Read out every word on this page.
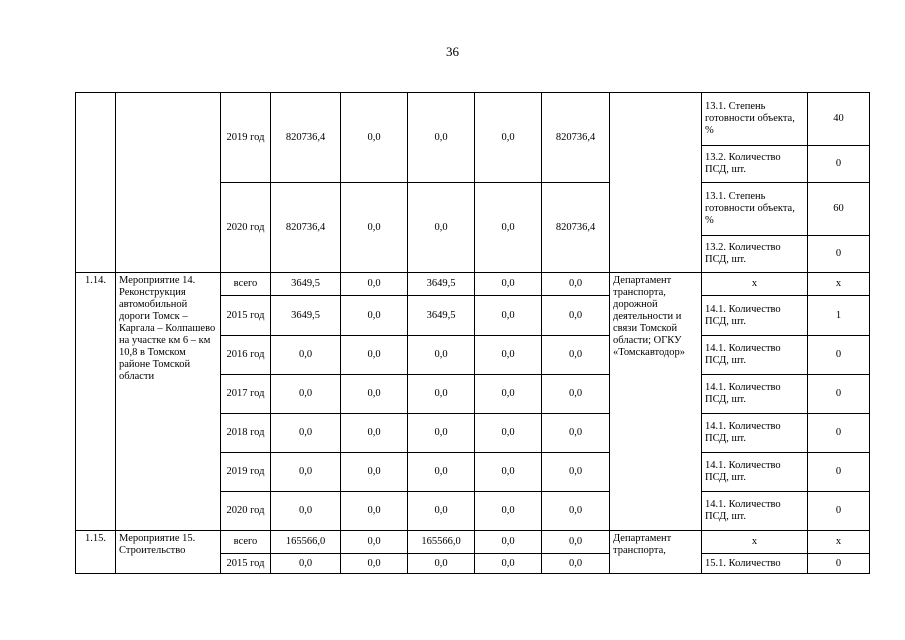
36
		2019 год	820736,4	0,0	0,0	0,0	820736,4		13.1. Степень готовности объекта, %	40
									13.2. Количество ПСД, шт.	0
		2020 год	820736,4	0,0	0,0	0,0	820736,4		13.1. Степень готовности объекта, %	60
									13.2. Количество ПСД, шт.	0
1.14.	Мероприятие 14. Реконструкция автомобильной дороги Томск – Каргала – Колпашево на участке км 6 – км 10,8 в Томском районе Томской области	всего	3649,5	0,0	3649,5	0,0	0,0	Департамент транспорта, дорожной деятельности и связи Томской области; ОГКУ «Томскавтодор»	x	x
		2015 год	3649,5	0,0	3649,5	0,0	0,0		14.1. Количество ПСД, шт.	1
		2016 год	0,0	0,0	0,0	0,0	0,0		14.1. Количество ПСД, шт.	0
		2017 год	0,0	0,0	0,0	0,0	0,0		14.1. Количество ПСД, шт.	0
		2018 год	0,0	0,0	0,0	0,0	0,0		14.1. Количество ПСД, шт.	0
		2019 год	0,0	0,0	0,0	0,0	0,0		14.1. Количество ПСД, шт.	0
		2020 год	0,0	0,0	0,0	0,0	0,0		14.1. Количество ПСД, шт.	0
1.15.	Мероприятие 15. Строительство	всего	165566,0	0,0	165566,0	0,0	0,0	Департамент транспорта,	x	x
		2015 год	0,0	0,0	0,0	0,0	0,0		15.1. Количество	0
